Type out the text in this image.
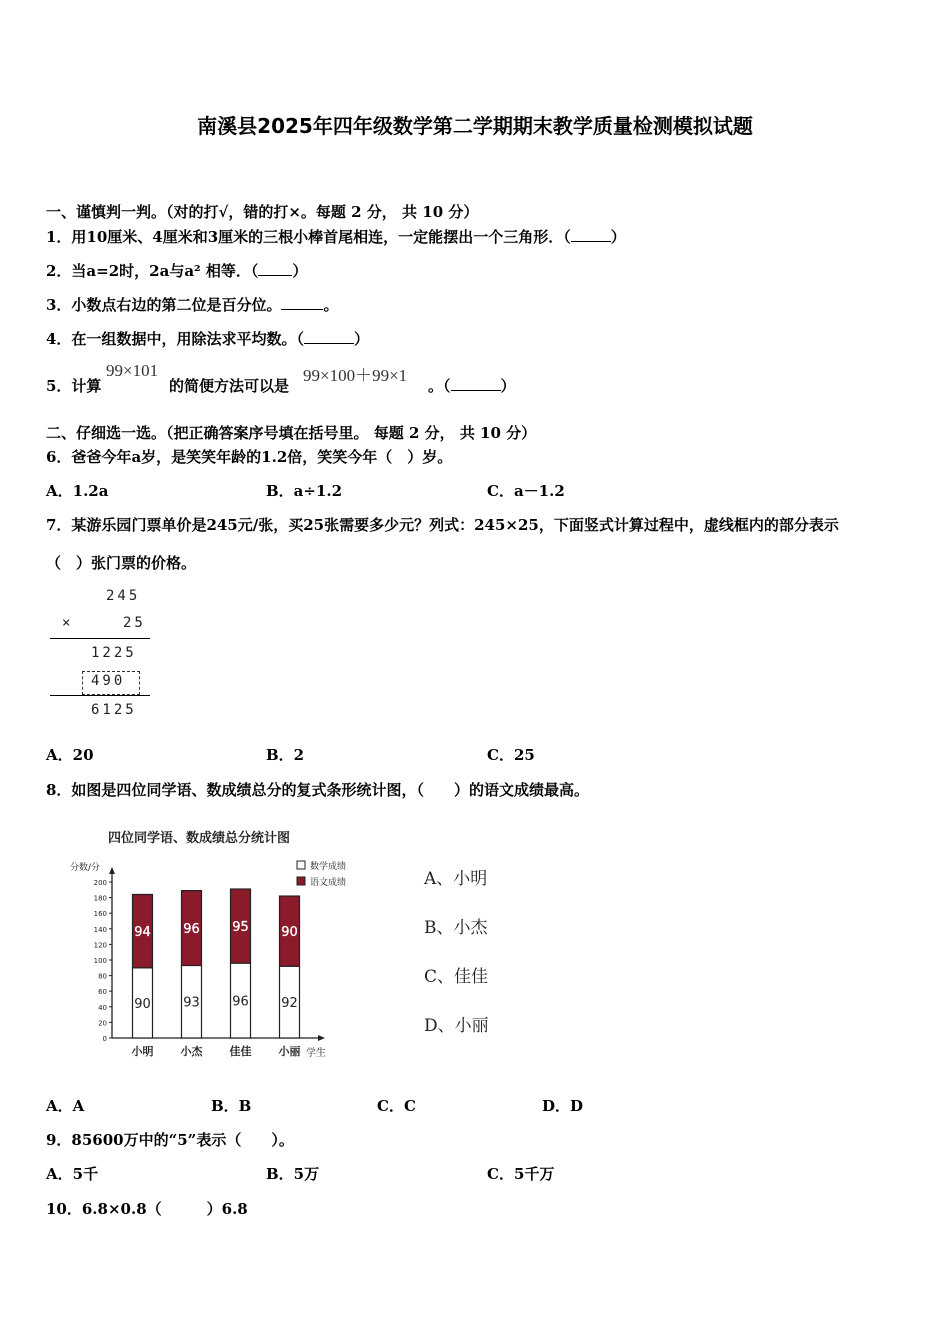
南溪县2025年四年级数学第二学期期末教学质量检测模拟试题
一、谨慎判一判。（对的打√，错的打×。每题 2 分， 共 10 分）
1．用10厘米、4厘米和3厘米的三根小棒首尾相连，一定能摆出一个三角形．（	）
2．当a=2时，2a与a² 相等．（ ）
3．小数点右边的第二位是百分位。	。
4．在一组数据中，用除法求平均数。（	）
5．计算
99×101
的简便方法可以是
99×100＋99×1
。（	）
二、仔细选一选。（把正确答案序号填在括号里。 每题 2 分， 共 10 分）
6．爸爸今年a岁，是笑笑年龄的1.2倍，笑笑今年（　）岁。
A．1.2a	B．a÷1.2	C．a－1.2
7．某游乐园门票单价是245元/张，买25张需要多少元？列式：245×25，下面竖式计算过程中，虚线框内的部分表示
（　）张门票的价格。
245
×	25
1225
490
6125
A．20	B．2	C．25
8．如图是四位同学语、数成绩总分的复式条形统计图，（　　）的语文成绩最高。
四位同学语、数成绩总分统计图
分数/分
学生
数学成绩
语文成绩
0
20
40
60
80
100
120
140
160
180
200
90
94
小明
93
96
小杰
96
95
佳佳
92
90
小丽
A、小明
B、小杰
C、佳佳
D、小丽
A．A	B．B	C．C	D．D
9．85600万中的“5”表示（　　）。
A．5千	B．5万	C．5千万
10．6.8×0.8（　　　）6.8
